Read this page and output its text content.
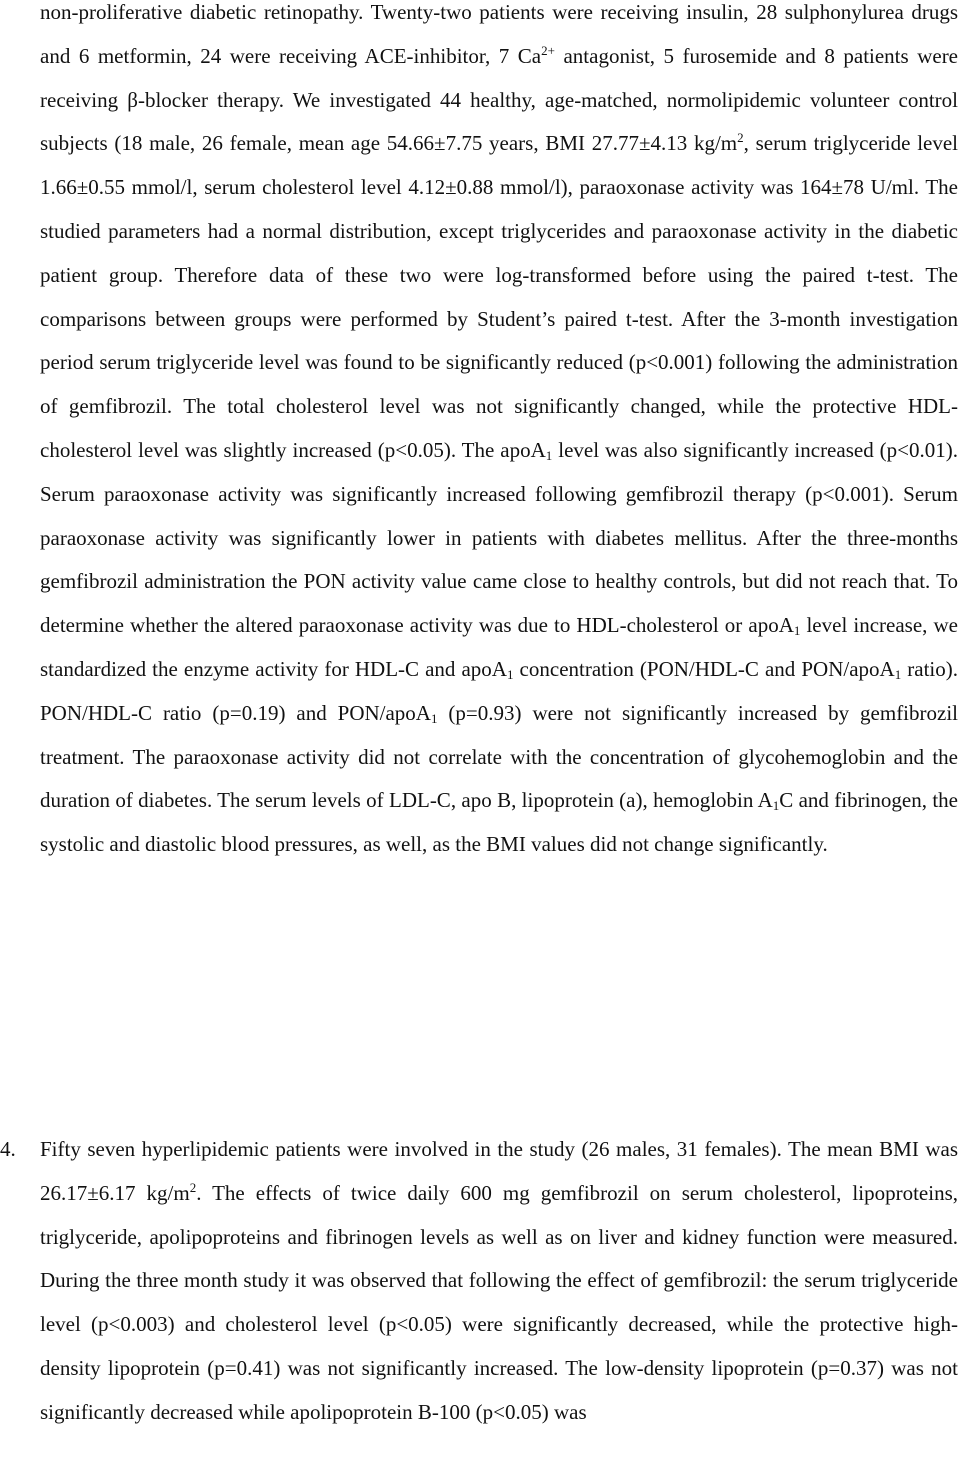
non-proliferative diabetic retinopathy. Twenty-two patients were receiving insulin, 28 sulphonylurea drugs and 6 metformin, 24 were receiving ACE-inhibitor, 7 $Ca^{2+}$ antagonist, 5 furosemide and 8 patients were receiving β-blocker therapy. We investigated 44 healthy, age-matched, normolipidemic volunteer control subjects (18 male, 26 female, mean age 54.66±7.75 years, BMI 27.77±4.13 $kg/m^2$, serum triglyceride level 1.66±0.55 mmol/l, serum cholesterol level 4.12±0.88 mmol/l), paraoxonase activity was 164±78 U/ml. The studied parameters had a normal distribution, except triglycerides and paraoxonase activity in the diabetic patient group. Therefore data of these two were log-transformed before using the paired t-test. The comparisons between groups were performed by Student’s paired t-test. After the 3-month investigation period serum triglyceride level was found to be significantly reduced (p<0.001) following the administration of gemfibrozil. The total cholesterol level was not significantly changed, while the protective HDL-cholesterol level was slightly increased (p<0.05). The apoA$_1$ level was also significantly increased (p<0.01). Serum paraoxonase activity was significantly increased following gemfibrozil therapy (p<0.001). Serum paraoxonase activity was significantly lower in patients with diabetes mellitus. After the three-months gemfibrozil administration the PON activity value came close to healthy controls, but did not reach that. To determine whether the altered paraoxonase activity was due to HDL-cholesterol or apoA$_1$ level increase, we standardized the enzyme activity for HDL-C and apoA$_1$ concentration (PON/HDL-C and PON/apoA$_1$ ratio). PON/HDL-C ratio (p=0.19) and PON/apoA$_1$ (p=0.93) were not significantly increased by gemfibrozil treatment. The paraoxonase activity did not correlate with the concentration of glycohemoglobin and the duration of diabetes. The serum levels of LDL-C, apo B, lipoprotein (a), hemoglobin $A_1C$ and fibrinogen, the systolic and diastolic blood pressures, as well, as the BMI values did not change significantly.

4. Fifty seven hyperlipidemic patients were involved in the study (26 males, 31 females). The mean BMI was 26.17±6.17 $kg/m^2$. The effects of twice daily 600 mg gemfibrozil on serum cholesterol, lipoproteins, triglyceride, apolipoproteins and fibrinogen levels as well as on liver and kidney function were measured. During the three month study it was observed that following the effect of gemfibrozil: the serum triglyceride level (p<0.003) and cholesterol level (p<0.05) were significantly decreased, while the protective high-density lipoprotein (p=0.41) was not significantly increased. The low-density lipoprotein (p=0.37) was not significantly decreased while apolipoprotein B-100 (p<0.05) was
